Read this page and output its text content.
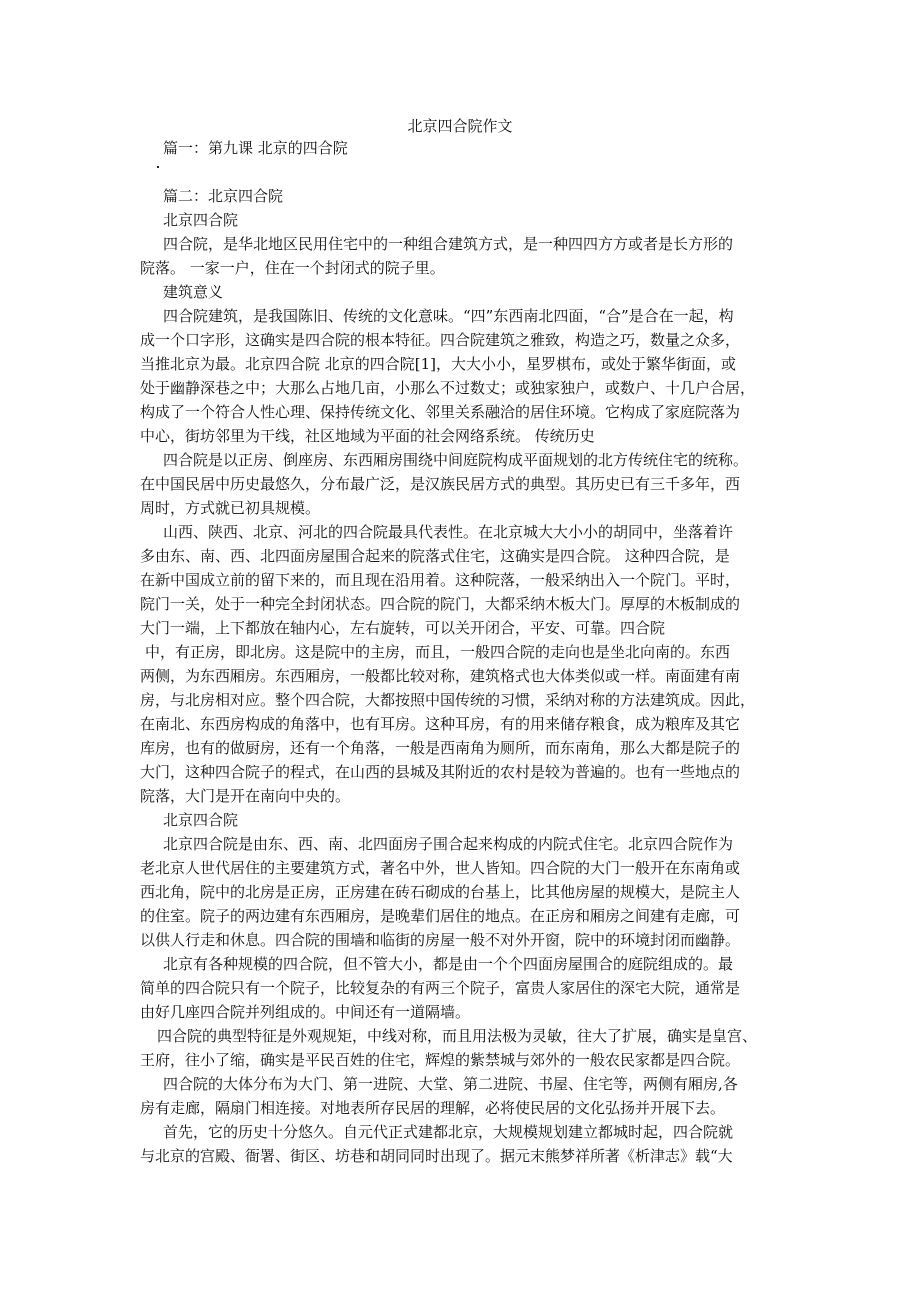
北京四合院作文
篇一：第九课 北京的四合院
篇二：北京四合院
北京四合院
四合院，是华北地区民用住宅中的一种组合建筑方式，是一种四四方方或者是长方形的
院落。 一家一户，住在一个封闭式的院子里。
建筑意义
四合院建筑，是我国陈旧、传统的文化意味。“四”东西南北四面，“合”是合在一起，构
成一个口字形，这确实是四合院的根本特征。四合院建筑之雅致，构造之巧，数量之众多，
当推北京为最。北京四合院 北京的四合院[1]，大大小小，星罗棋布，或处于繁华街面，或
处于幽静深巷之中；大那么占地几亩，小那么不过数丈；或独家独户，或数户、十几户合居，
构成了一个符合人性心理、保持传统文化、邻里关系融洽的居住环境。它构成了家庭院落为
中心，街坊邻里为干线，社区地域为平面的社会网络系统。 传统历史
四合院是以正房、倒座房、东西厢房围绕中间庭院构成平面规划的北方传统住宅的统称。
在中国民居中历史最悠久，分布最广泛，是汉族民居方式的典型。其历史已有三千多年，西
周时，方式就已初具规模。
山西、陕西、北京、河北的四合院最具代表性。在北京城大大小小的胡同中，坐落着许
多由东、南、西、北四面房屋围合起来的院落式住宅，这确实是四合院。 这种四合院，是
在新中国成立前的留下来的，而且现在沿用着。这种院落，一般采纳出入一个院门。平时，
院门一关，处于一种完全封闭状态。四合院的院门，大都采纳木板大门。厚厚的木板制成的
大门一端，上下都放在轴内心，左右旋转，可以关开闭合，平安、可靠。四合院
中，有正房，即北房。这是院中的主房，而且，一般四合院的走向也是坐北向南的。东西
两侧，为东西厢房。东西厢房，一般都比较对称，建筑格式也大体类似或一样。南面建有南
房，与北房相对应。整个四合院，大都按照中国传统的习惯，采纳对称的方法建筑成。因此，
在南北、东西房构成的角落中，也有耳房。这种耳房，有的用来储存粮食，成为粮库及其它
库房，也有的做厨房，还有一个角落，一般是西南角为厕所，而东南角，那么大都是院子的
大门，这种四合院子的程式，在山西的县城及其附近的农村是较为普遍的。也有一些地点的
院落，大门是开在南向中央的。
北京四合院
北京四合院是由东、西、南、北四面房子围合起来构成的内院式住宅。北京四合院作为
老北京人世代居住的主要建筑方式，著名中外，世人皆知。四合院的大门一般开在东南角或
西北角，院中的北房是正房，正房建在砖石砌成的台基上，比其他房屋的规模大，是院主人
的住室。院子的两边建有东西厢房，是晚辈们居住的地点。在正房和厢房之间建有走廊，可
以供人行走和休息。四合院的围墙和临街的房屋一般不对外开窗，院中的环境封闭而幽静。
北京有各种规模的四合院，但不管大小，都是由一个个四面房屋围合的庭院组成的。最
简单的四合院只有一个院子，比较复杂的有两三个院子，富贵人家居住的深宅大院，通常是
由好几座四合院并列组成的。中间还有一道隔墙。
四合院的典型特征是外观规矩，中线对称，而且用法极为灵敏，往大了扩展，确实是皇宫、
王府，往小了缩，确实是平民百姓的住宅，辉煌的紫禁城与郊外的一般农民家都是四合院。
四合院的大体分布为大门、第一进院、大堂、第二进院、书屋、住宅等，两侧有厢房,各
房有走廊，隔扇门相连接。对地表所存民居的理解，必将使民居的文化弘扬并开展下去。
首先，它的历史十分悠久。自元代正式建都北京，大规模规划建立都城时起，四合院就
与北京的宫殿、衙署、街区、坊巷和胡同同时出现了。据元末熊梦祥所著《析津志》载“大
